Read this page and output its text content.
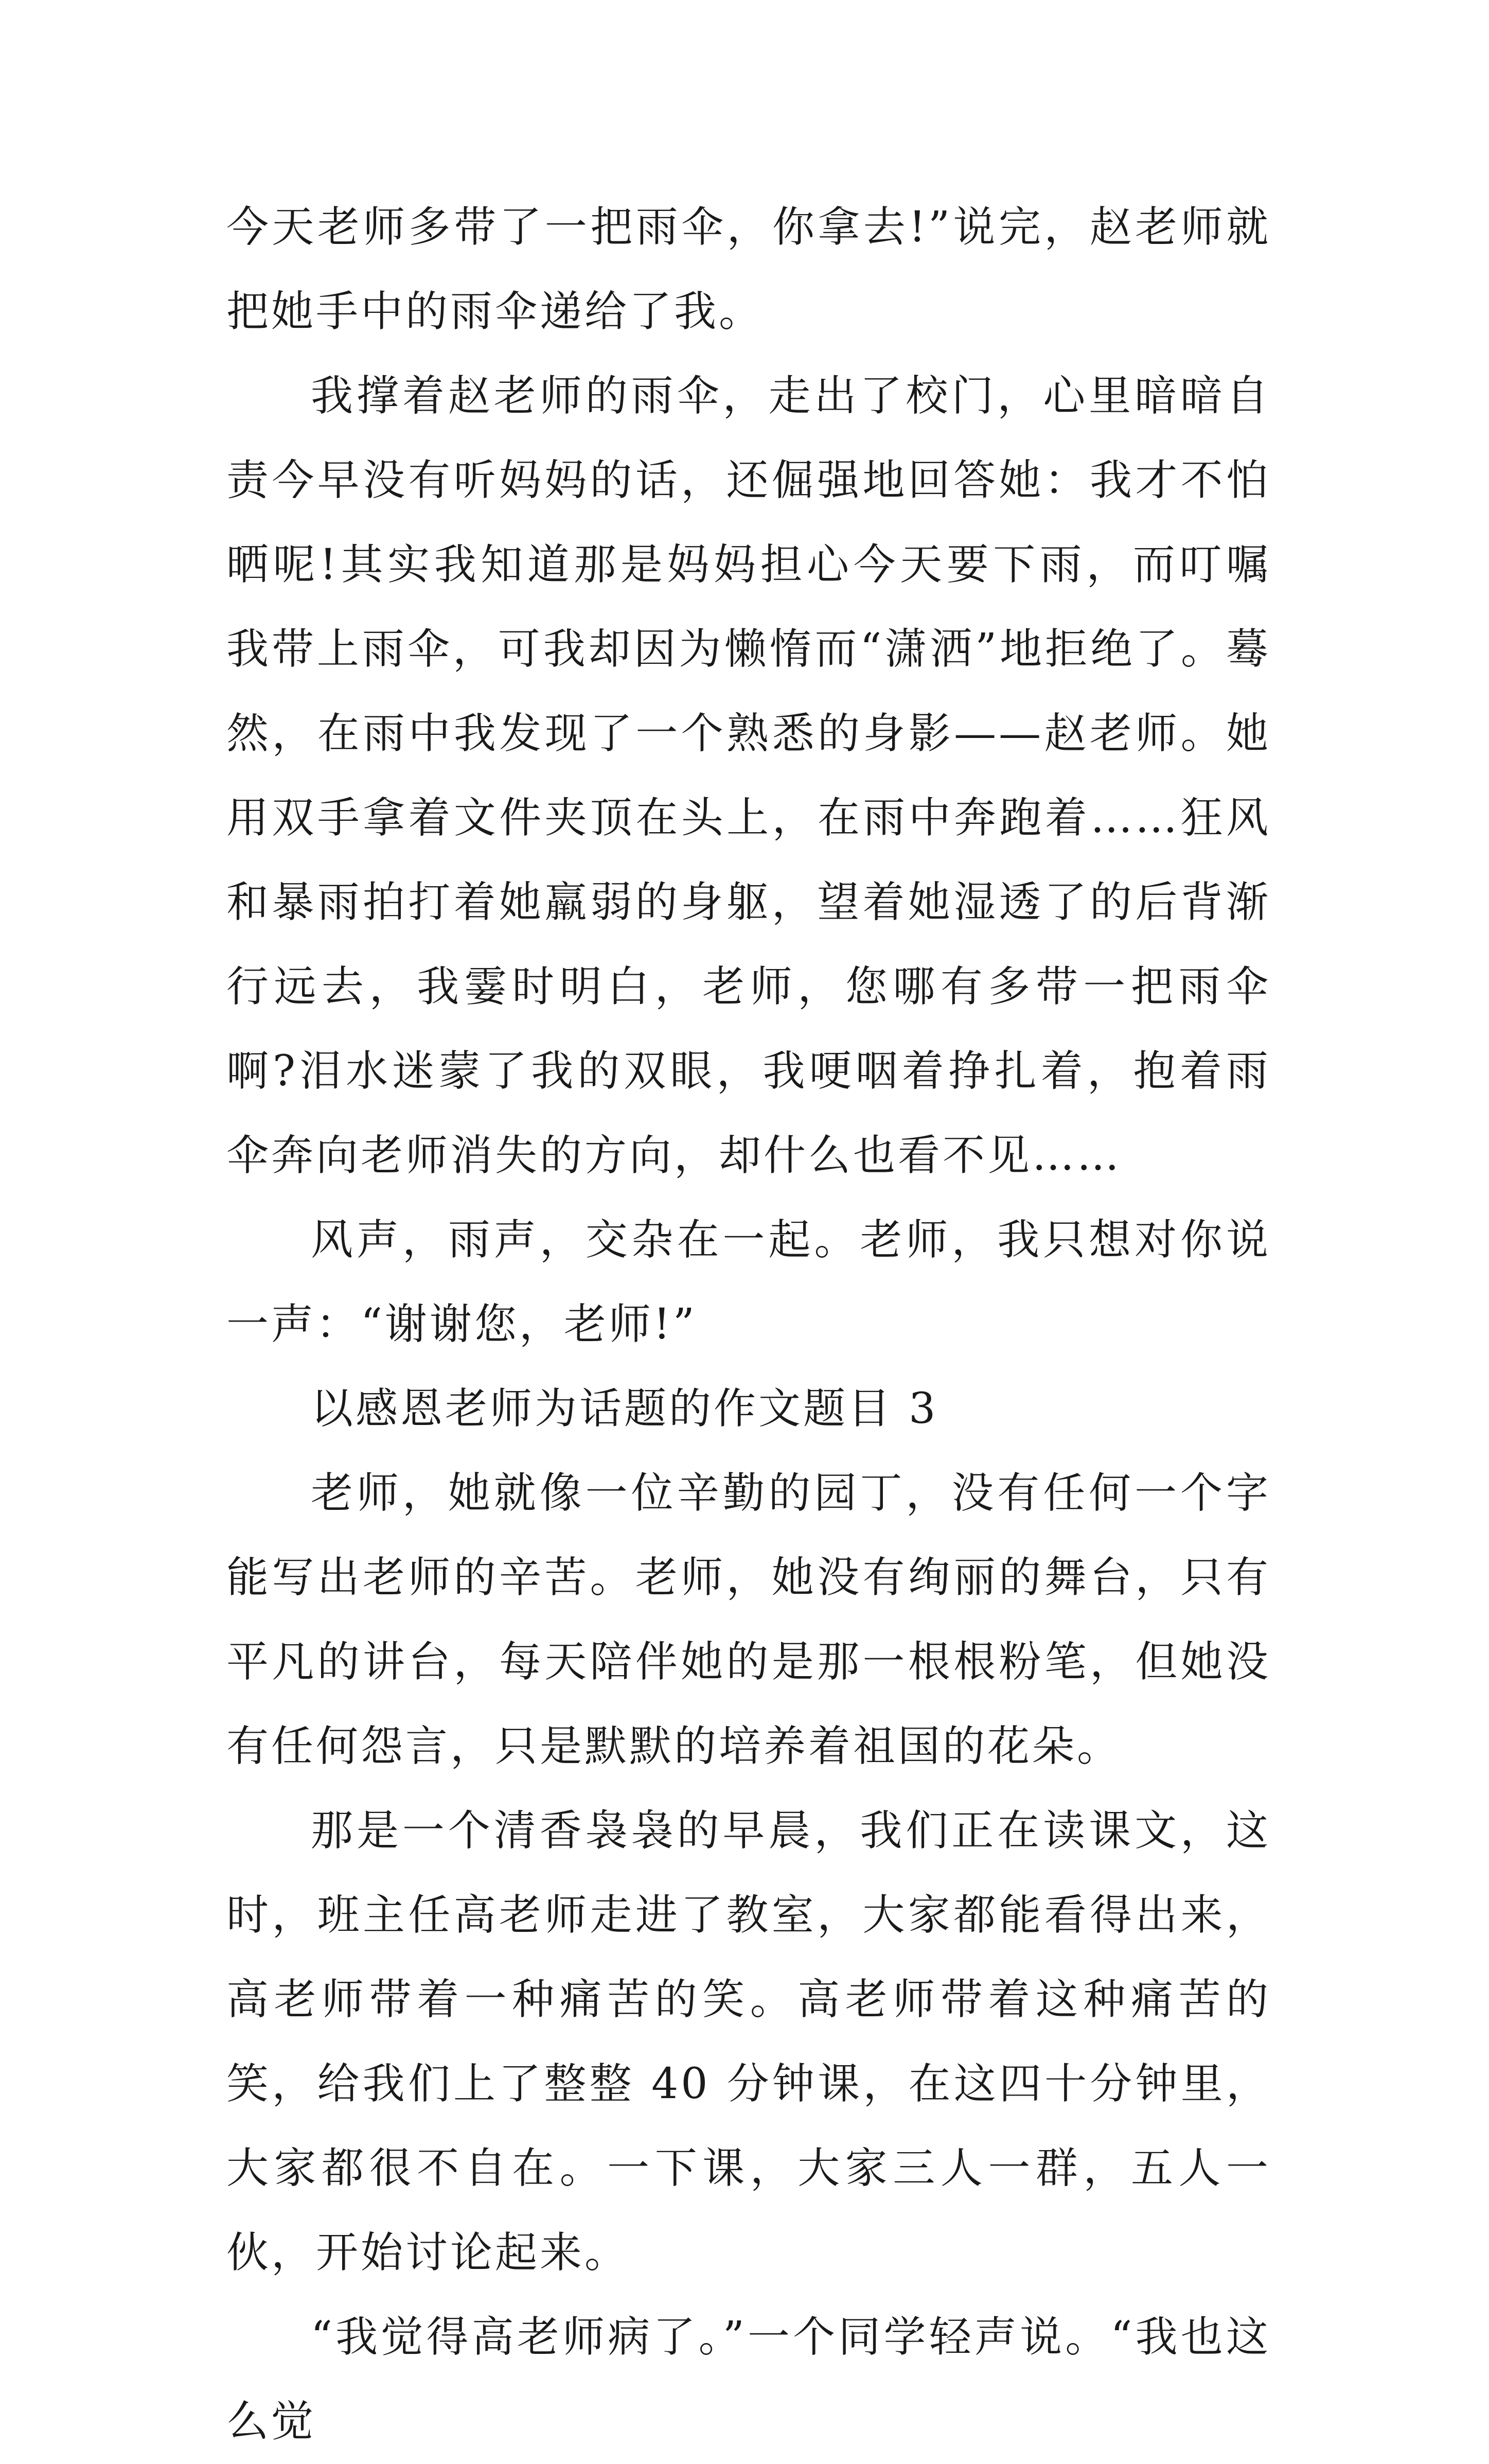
今天老师多带了一把雨伞，你拿去!”说完，赵老师就把她手中的雨伞递给了我。

我撑着赵老师的雨伞，走出了校门，心里暗暗自责今早没有听妈妈的话，还倔强地回答她：我才不怕晒呢!其实我知道那是妈妈担心今天要下雨，而叮嘱我带上雨伞，可我却因为懒惰而“潇洒”地拒绝了。蓦然，在雨中我发现了一个熟悉的身影——赵老师。她用双手拿着文件夹顶在头上，在雨中奔跑着……狂风和暴雨拍打着她羸弱的身躯，望着她湿透了的后背渐行远去，我霎时明白，老师，您哪有多带一把雨伞啊?泪水迷蒙了我的双眼，我哽咽着挣扎着，抱着雨伞奔向老师消失的方向，却什么也看不见……

风声，雨声，交杂在一起。老师，我只想对你说一声：“谢谢您，老师!”

以感恩老师为话题的作文题目 3

老师，她就像一位辛勤的园丁，没有任何一个字能写出老师的辛苦。老师，她没有绚丽的舞台，只有平凡的讲台，每天陪伴她的是那一根根粉笔，但她没有任何怨言，只是默默的培养着祖国的花朵。

那是一个清香袅袅的早晨，我们正在读课文，这时，班主任高老师走进了教室，大家都能看得出来，高老师带着一种痛苦的笑。高老师带着这种痛苦的笑，给我们上了整整 40 分钟课，在这四十分钟里，大家都很不自在。一下课，大家三人一群，五人一伙，开始讨论起来。

“我觉得高老师病了。”一个同学轻声说。“我也这么觉
